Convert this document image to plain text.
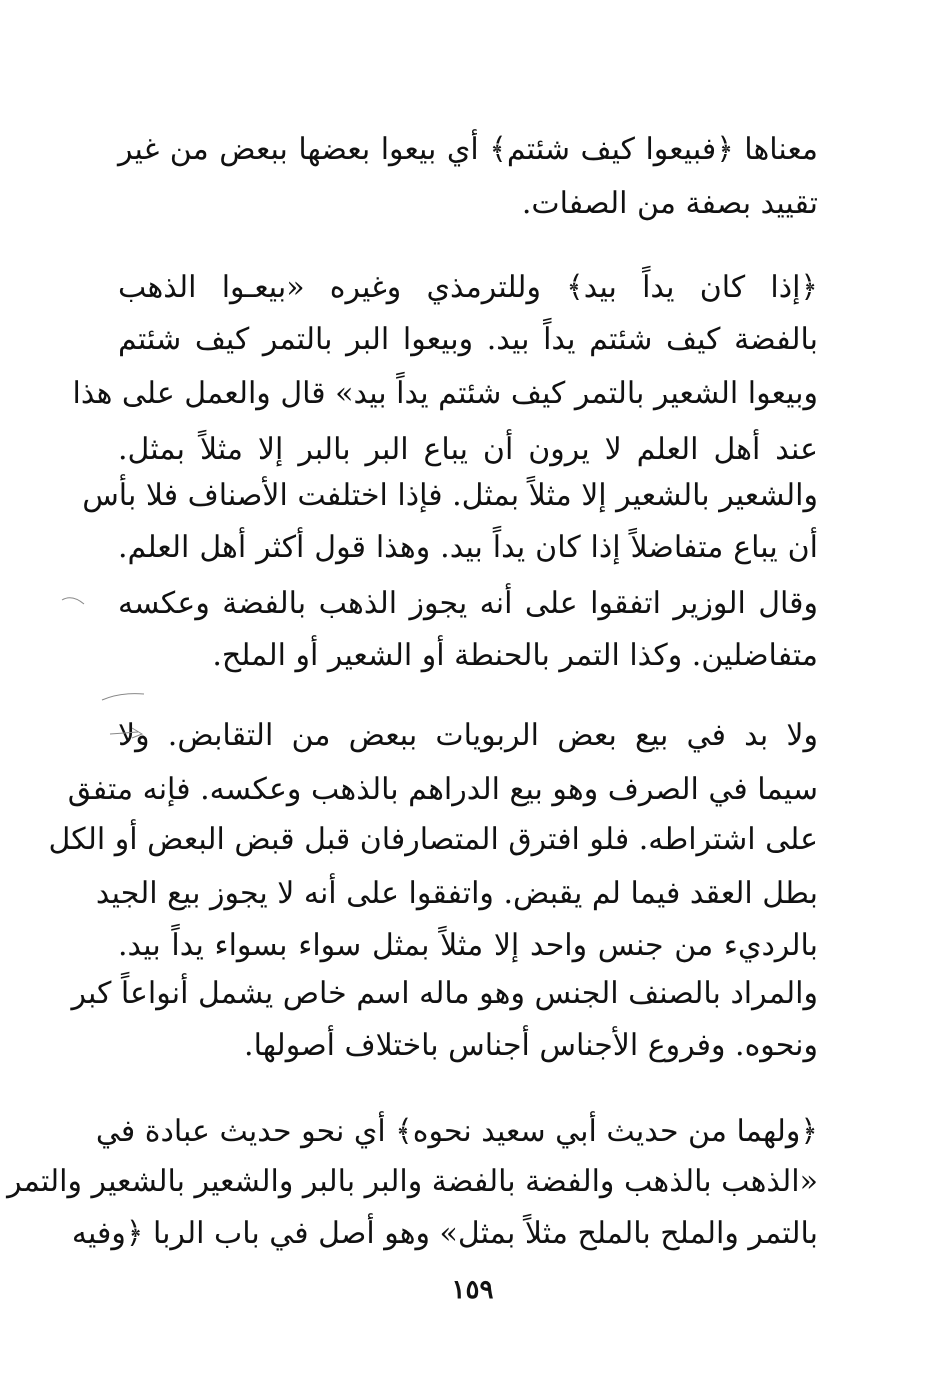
معناها ﴿فبيعوا كيف شئتم﴾ أي بيعوا بعضها ببعض من غير
تقييد بصفة من الصفات.
﴿إذا كان يداً بيد﴾ وللترمذي وغيره «بيعـوا الذهب
بالفضة كيف شئتم يداً بيد. وبيعوا البر بالتمر كيف شئتم
وبيعوا الشعير بالتمر كيف شئتم يداً بيد» قال والعمل على هذا
عند أهل العلم لا يرون أن يباع البر بالبر إلا مثلاً بمثل.
والشعير بالشعير إلا مثلاً بمثل. فإذا اختلفت الأصناف فلا بأس
أن يباع متفاضلاً إذا كان يداً بيد. وهذا قول أكثر أهل العلم.
وقال الوزير اتفقوا على أنه يجوز الذهب بالفضة وعكسه
متفاضلين. وكذا التمر بالحنطة أو الشعير أو الملح.
ولا بد في بيع بعض الربويات ببعض من التقابض. ولا
سيما في الصرف وهو بيع الدراهم بالذهب وعكسه. فإنه متفق
على اشتراطه. فلو افترق المتصارفان قبل قبض البعض أو الكل
بطل العقد فيما لم يقبض. واتفقوا على أنه لا يجوز بيع الجيد
بالرديء من جنس واحد إلا مثلاً بمثل سواء بسواء يداً بيد.
والمراد بالصنف الجنس وهو ماله اسم خاص يشمل أنواعاً كبر
ونحوه. وفروع الأجناس أجناس باختلاف أصولها.
﴿ولهما من حديث أبي سعيد نحوه﴾ أي نحو حديث عبادة في
«الذهب بالذهب والفضة بالفضة والبر بالبر والشعير بالشعير والتمر
بالتمر والملح بالملح مثلاً بمثل» وهو أصل في باب الربا ﴿وفيه
١٥٩
